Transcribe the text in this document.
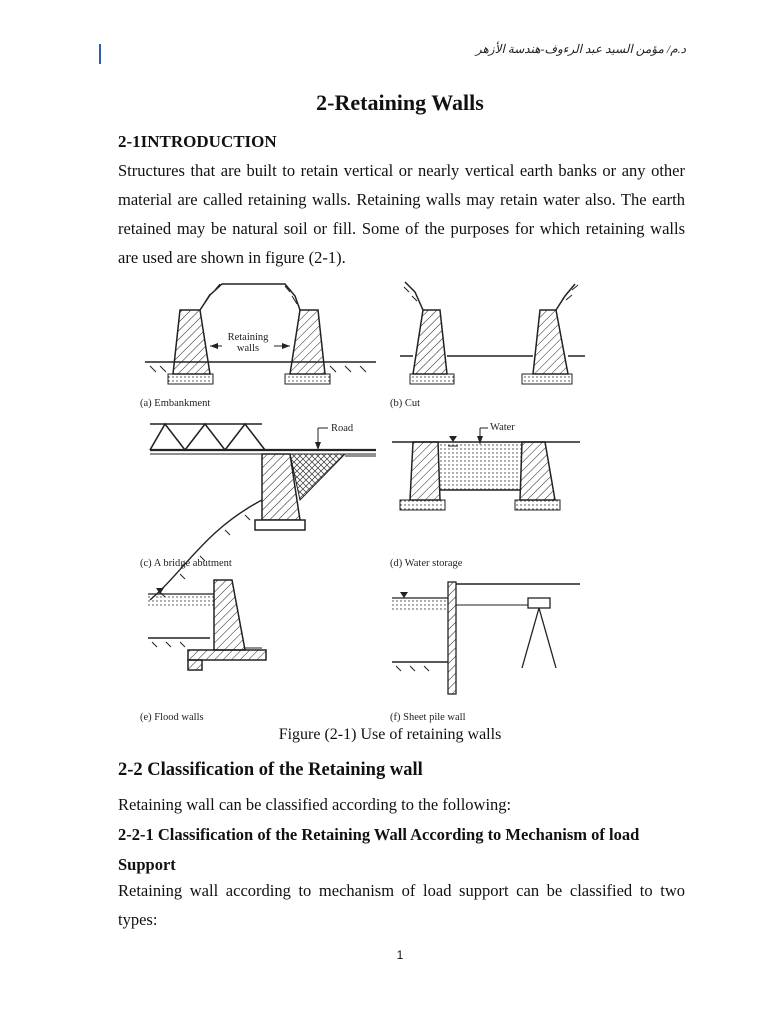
د.م/ مؤمن السيد عبد الرءوف-هندسة الأزهر
2-Retaining Walls
2-1INTRODUCTION
Structures that are built to retain vertical or nearly vertical earth banks or any other material are called retaining walls. Retaining walls may retain water also. The earth retained may be natural soil or fill. Some of the purposes for which retaining walls are used are shown in figure (2-1).
Retaining
walls
(a) Embankment	(b) Cut
Road
(c) A bridge abutment
Water
(d) Water storage
(e) Flood walls	(f) Sheet pile wall
Figure (2-1) Use of retaining walls
2-2 Classification of the Retaining wall
Retaining wall can be classified according to the following:
2-2-1 Classification of the Retaining Wall According to Mechanism of load Support
Retaining wall according to mechanism of load support can be classified to two types:
1
